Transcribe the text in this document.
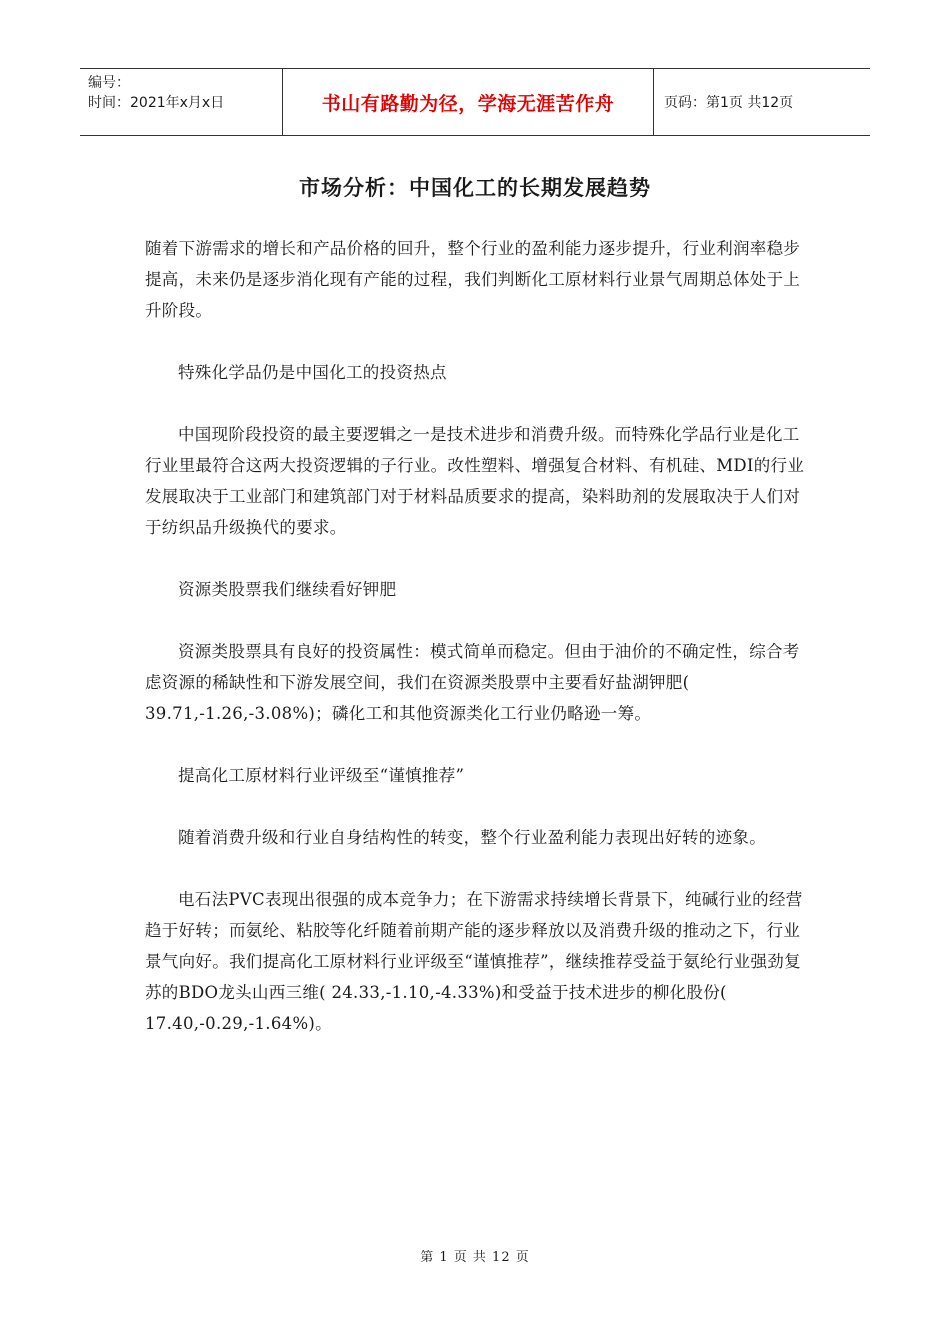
编号：
时间：2021年x月x日	书山有路勤为径，学海无涯苦作舟	页码：第1页 共12页
市场分析：中国化工的长期发展趋势

随着下游需求的增长和产品价格的回升，整个行业的盈利能力逐步提升，行业利润率稳步提高，未来仍是逐步消化现有产能的过程，我们判断化工原材料行业景气周期总体处于上升阶段。

特殊化学品仍是中国化工的投资热点

中国现阶段投资的最主要逻辑之一是技术进步和消费升级。而特殊化学品行业是化工行业里最符合这两大投资逻辑的子行业。改性塑料、增强复合材料、有机硅、MDI的行业发展取决于工业部门和建筑部门对于材料品质要求的提高，染料助剂的发展取决于人们对于纺织品升级换代的要求。

资源类股票我们继续看好钾肥

资源类股票具有良好的投资属性：模式简单而稳定。但由于油价的不确定性，综合考虑资源的稀缺性和下游发展空间，我们在资源类股票中主要看好盐湖钾肥( 39.71,-1.26,-3.08%)；磷化工和其他资源类化工行业仍略逊一筹。

提高化工原材料行业评级至“谨慎推荐”

随着消费升级和行业自身结构性的转变，整个行业盈利能力表现出好转的迹象。

电石法PVC表现出很强的成本竞争力；在下游需求持续增长背景下，纯碱行业的经营趋于好转；而氨纶、粘胶等化纤随着前期产能的逐步释放以及消费升级的推动之下，行业景气向好。我们提高化工原材料行业评级至“谨慎推荐”，继续推荐受益于氨纶行业强劲复苏的BDO龙头山西三维( 24.33,-1.10,-4.33%)和受益于技术进步的柳化股份( 17.40,-0.29,-1.64%)。

第 1 页 共 12 页
